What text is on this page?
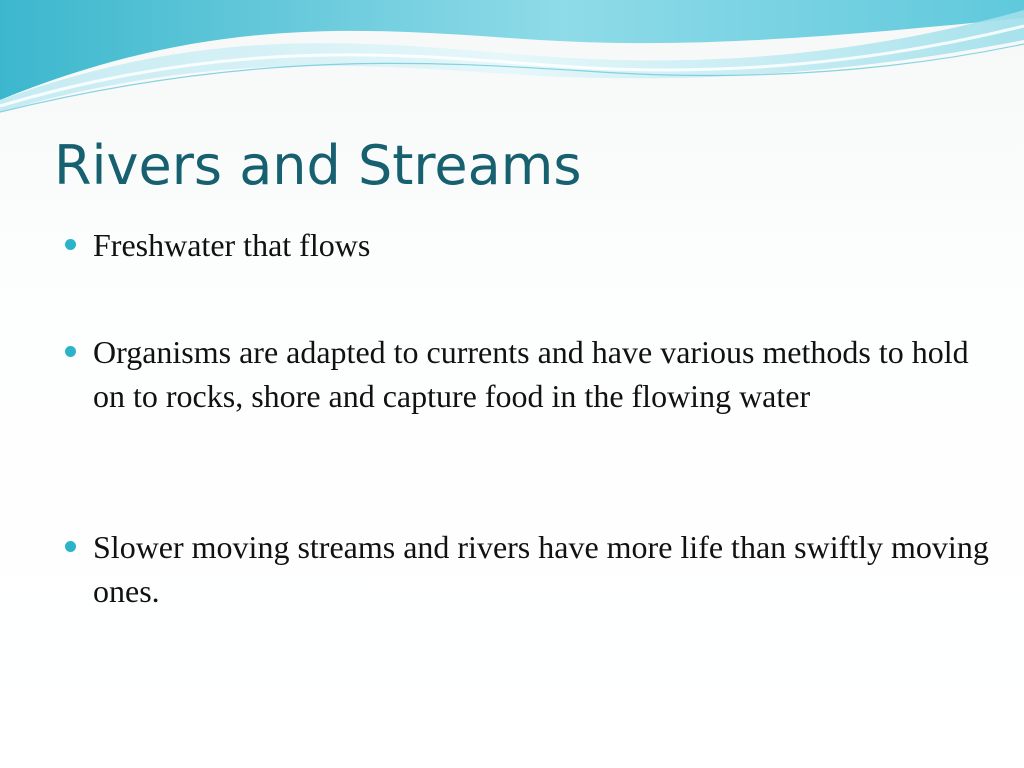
Rivers and Streams
Freshwater that flows
Organisms are adapted to currents and have various methods to hold on to rocks, shore and capture food in the flowing water
Slower moving streams and rivers have more life than swiftly moving ones.
